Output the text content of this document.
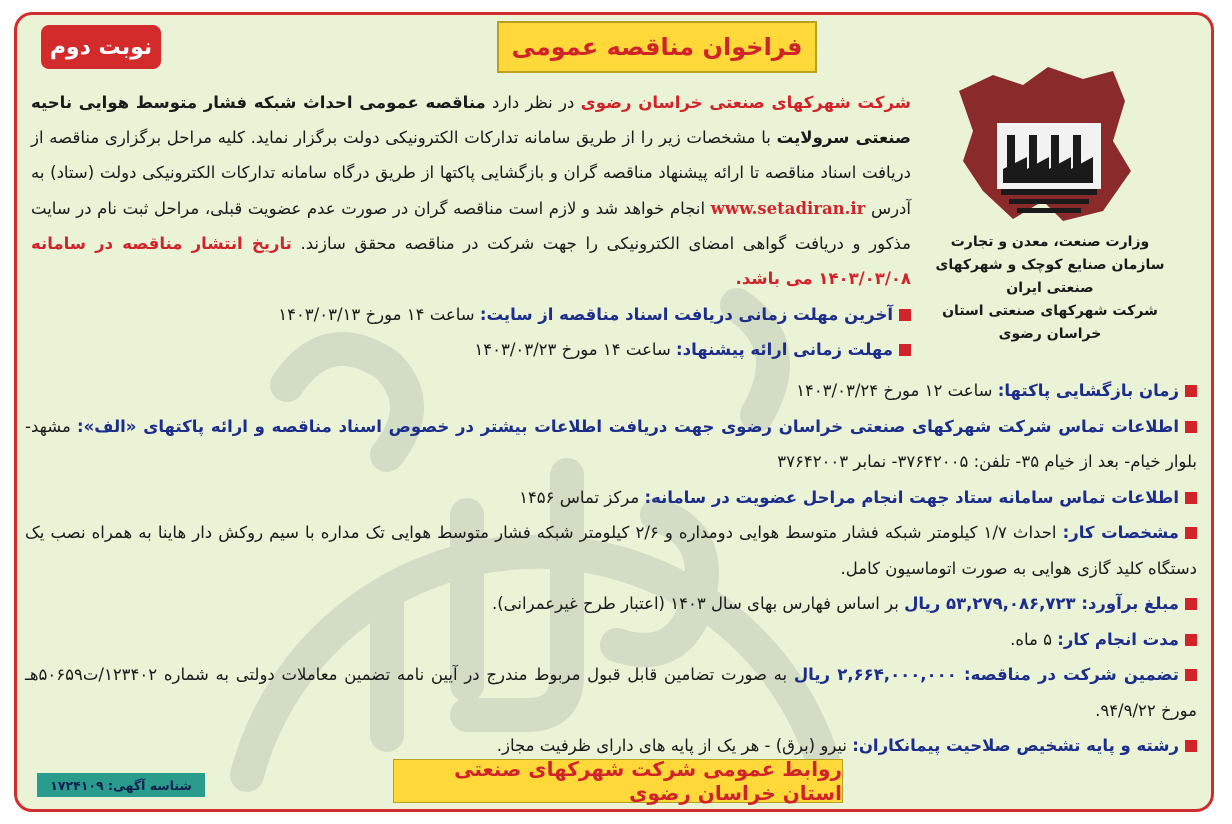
نوبت دوم	فراخوان مناقصه عمومی
وزارت صنعت، معدن و تجارت
سازمان صنایع کوچک و شهرکهای صنعتی ایران
شرکت شهرکهای صنعتی استان خراسان رضوی
شرکت شهرکهای صنعتی خراسان رضوی در نظر دارد مناقصه عمومی احداث شبکه فشار متوسط هوایی ناحیه صنعتی سرولایت با مشخصات زیر را از طریق سامانه تدارکات الکترونیکی دولت برگزار نماید. کلیه مراحل برگزاری مناقصه از دریافت اسناد مناقصه تا ارائه پیشنهاد مناقصه گران و بازگشایی پاکتها از طریق درگاه سامانه تدارکات الکترونیکی دولت (ستاد) به آدرس www.setadiran.ir انجام خواهد شد و لازم است مناقصه گران در صورت عدم عضویت قبلی، مراحل ثبت نام در سایت مذکور و دریافت گواهی امضای الکترونیکی را جهت شرکت در مناقصه محقق سازند. تاریخ انتشار مناقصه در سامانه ۱۴۰۳/۰۳/۰۸ می باشد.
آخرین مهلت زمانی دریافت اسناد مناقصه از سایت: ساعت ۱۴ مورخ ۱۴۰۳/۰۳/۱۳
مهلت زمانی ارائه پیشنهاد: ساعت ۱۴ مورخ ۱۴۰۳/۰۳/۲۳
زمان بازگشایی پاکتها: ساعت ۱۲ مورخ ۱۴۰۳/۰۳/۲۴
اطلاعات تماس شرکت شهرکهای صنعتی خراسان رضوی جهت دریافت اطلاعات بیشتر در خصوص اسناد مناقصه و ارائه پاکتهای «الف»: مشهد- بلوار خیام- بعد از خیام ۳۵- تلفن: ۳۷۶۴۲۰۰۵- نمابر ۳۷۶۴۲۰۰۳
اطلاعات تماس سامانه ستاد جهت انجام مراحل عضویت در سامانه: مرکز تماس ۱۴۵۶
مشخصات کار: احداث ۱/۷ کیلومتر شبکه فشار متوسط هوایی دومداره و ۲/۶ کیلومتر شبکه فشار متوسط هوایی تک مداره با سیم روکش دار هاینا به همراه نصب یک دستگاه کلید گازی هوایی به صورت اتوماسیون کامل.
مبلغ برآورد: ۵۳,۲۷۹,۰۸۶,۷۲۳ ریال بر اساس فهارس بهای سال ۱۴۰۳ (اعتبار طرح غیرعمرانی).
مدت انجام کار: ۵ ماه.
تضمین شرکت در مناقصه: ۲,۶۶۴,۰۰۰,۰۰۰ ریال به صورت تضامین قابل قبول مربوط مندرج در آیین نامه تضمین معاملات دولتی به شماره ۱۲۳۴۰۲/ت۵۰۶۵۹هـ مورخ ۹۴/۹/۲۲.
رشته و پایه تشخیص صلاحیت پیمانکاران: نیرو (برق) - هر یک از پایه های دارای ظرفیت مجاز.
شناسه آگهی: ۱۷۲۴۱۰۹
روابط عمومی شرکت شهرکهای صنعتی استان خراسان رضوی
